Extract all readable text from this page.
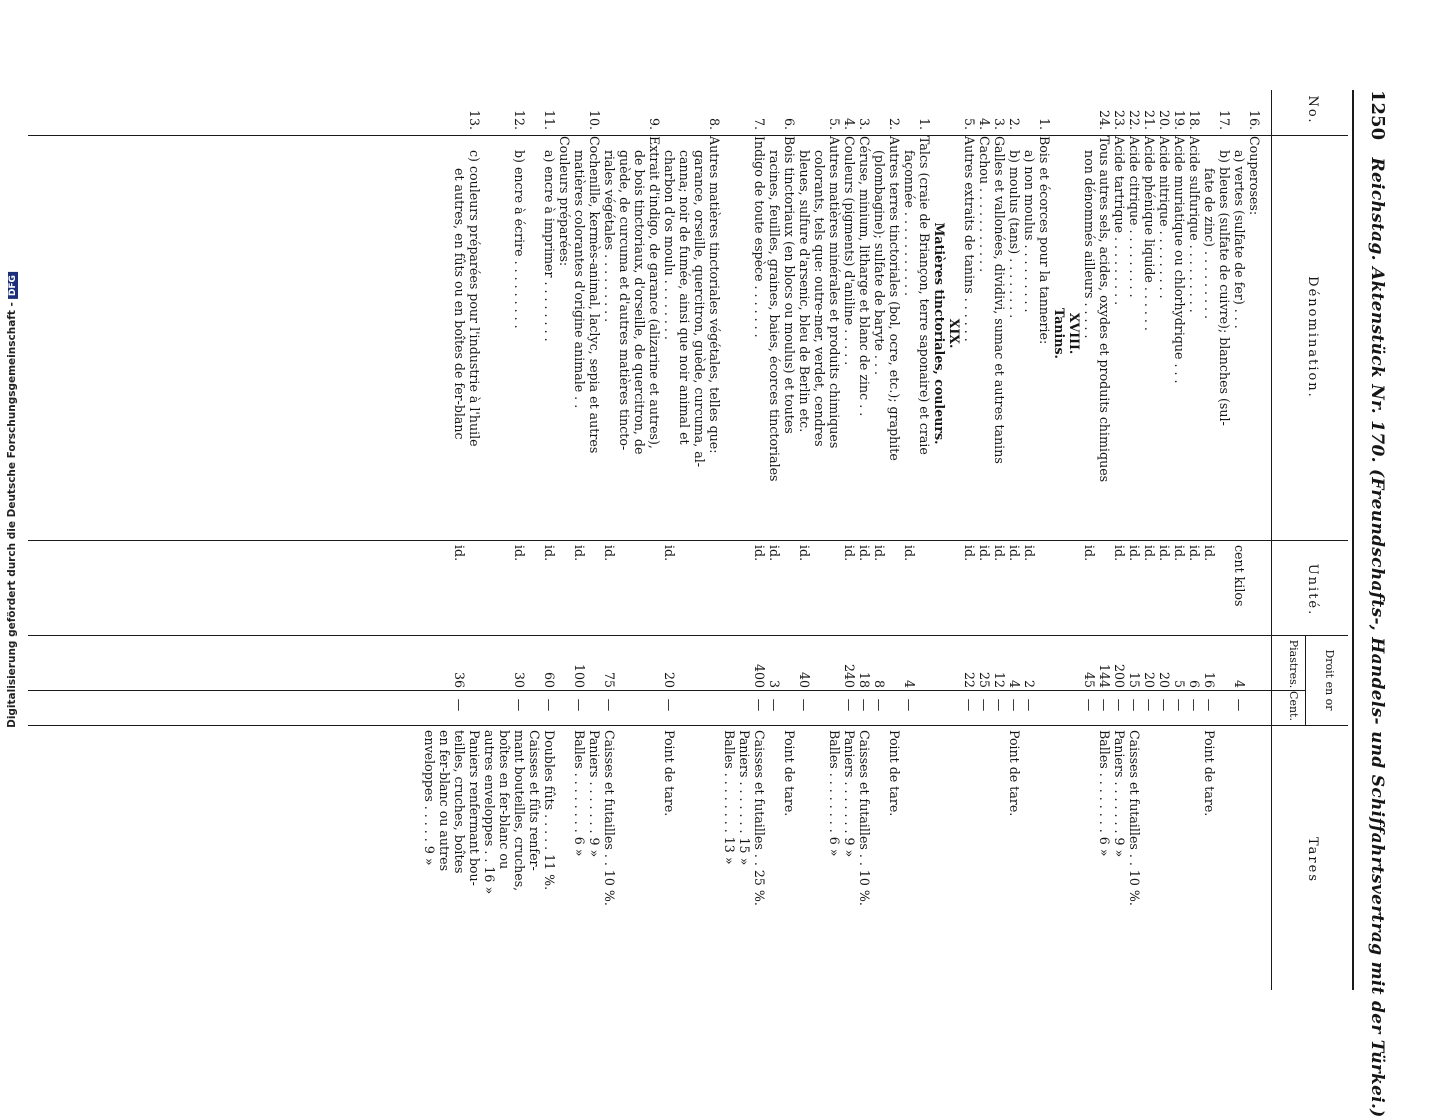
Digitalisierung gefördert durch die Deutsche Forschungsgemeinschaft -DFG
1250 Reichstag. Aktenstück Nr. 170. (Freundschafts-, Handels- und Schiffahrtsvertrag mit der Türkei.)
No.
Dénomination.
Unité.
Droit en or
Piastres.
Cent.
Tares
16.
Couperoses:
a) vertes (sulfate de fer) . . .
cent kilos
4
—
17.
b) bleues (sulfate de cuivre); blanches (sul-
fate de zinc) . . . . . . . . .
id.
16
—
Point de tare.
18.
Acide sulfurique . . . . . . . . .
id.
6
—
19.
Acide muriatique ou chlorhydrique . . .
id.
5
—
20.
Acide nitrique . . . . . . . . .
id.
20
—
21.
Acide phénique liquide . . . . . .
id.
20
—
22.
Acide citrique . . . . . . . . .
id.
15
—
Caisses et futailles . . 10 %.
23.
Acide tartrique . . . . . . . . .
id.
200
—
Paniers . . . . . . . 9 »
24.
Tous autres sels, acides, oxydes et produits chimiques
144
—
Balles . . . . . . . . 6 »
non dénommés ailleurs . . . . .
id.
45
—
XVIII.
Tanins.
1.
Bois et écorces pour la tannerie:
a) non moulus . . . . . . . . .
id.
2
—
2.
b) moulus (tans) . . . . . . . .
id.
4
—
Point de tare.
3.
Galles et vallonées, dividivi, sumac et autres tanins
id.
12
—
4.
Cachou . . . . . . . . . . .
id.
25
—
5.
Autres extraits de tanins . . . . . .
id.
22
—
XIX.
Matières tinctoriales, couleurs.
1.
Talcs (craie de Briançon, terre saponaire) et craie
façonnée . . . . . . . . . . .
id.
4
—
2.
Autres terres tinctoriales (bol, ocre, etc.); graphite
Point de tare.
(plombagine); sulfate de baryte . . .
id.
8
—
3.
Céruse, minium, litharge et blanc de zinc . .
id.
18
—
Caisses et futailles . . 10 %.
4.
Couleurs (pigments) d'aniline . . . . .
id.
240
—
Paniers . . . . . . . 9 »
5.
Autres matières minérales et produits chimiques
Balles . . . . . . . . 6 »
colorants, tels que: outre-mer, verdet, cendres
bleues, sulfure d'arsenic, bleu de Berlin etc.
id.
40
—
6.
Bois tinctoriaux (en blocs ou moulus) et toutes
Point de tare.
racines, feuilles, graines, baies, écorces tinctoriales
id.
3
—
7.
Indigo de toute espèce . . . . . . .
id.
400
—
Caisses et futailles . . 25 %.
Paniers . . . . . . . 15 »
Balles . . . . . . . . 13 »
8.
Autres matières tinctoriales végétales, telles que:
garance, orseille, quercitron, guède, curcuma, al-
canna; noir de fumée, ainsi que noir animal et
charbon d'os moulu . . . . . . . .
id.
20
—
Point de tare.
9.
Extrait d'indigo, de garance (alizarine et autres),
de bois tinctoriaux, d'orseille, de quercitron, de
guède, de curcuma et d'autres matières tincto-
riales végétales . . . . . . . . .
id.
75
—
Caisses et futailles . . 10 %.
10.
Cochenille, kermès-animal, laclyc, sepia et autres
Paniers . . . . . . . 9 »
matières colorantes d'origine animale . .
id.
100
—
Balles . . . . . . . . 6 »
Couleurs préparées:
11.
a) encre à imprimer . . . . . . . .
id.
60
—
Doubles fûts . . . . . 11 %.
Caisses et fûts renfer-
12.
b) encre à écrire . . . . . . . . .
id.
30
—
mant bouteilles, cruches,
boîtes en fer-blanc ou
autres enveloppes . . 16 »
13.
c) couleurs préparées pour l'industrie à l'huile
Paniers renfermant bou-
et autres, en fûts ou en boîtes de fer-blanc
id.
36
—
teilles, cruches, boîtes
en fer-blanc ou autres
enveloppes . . . . . 9 »
